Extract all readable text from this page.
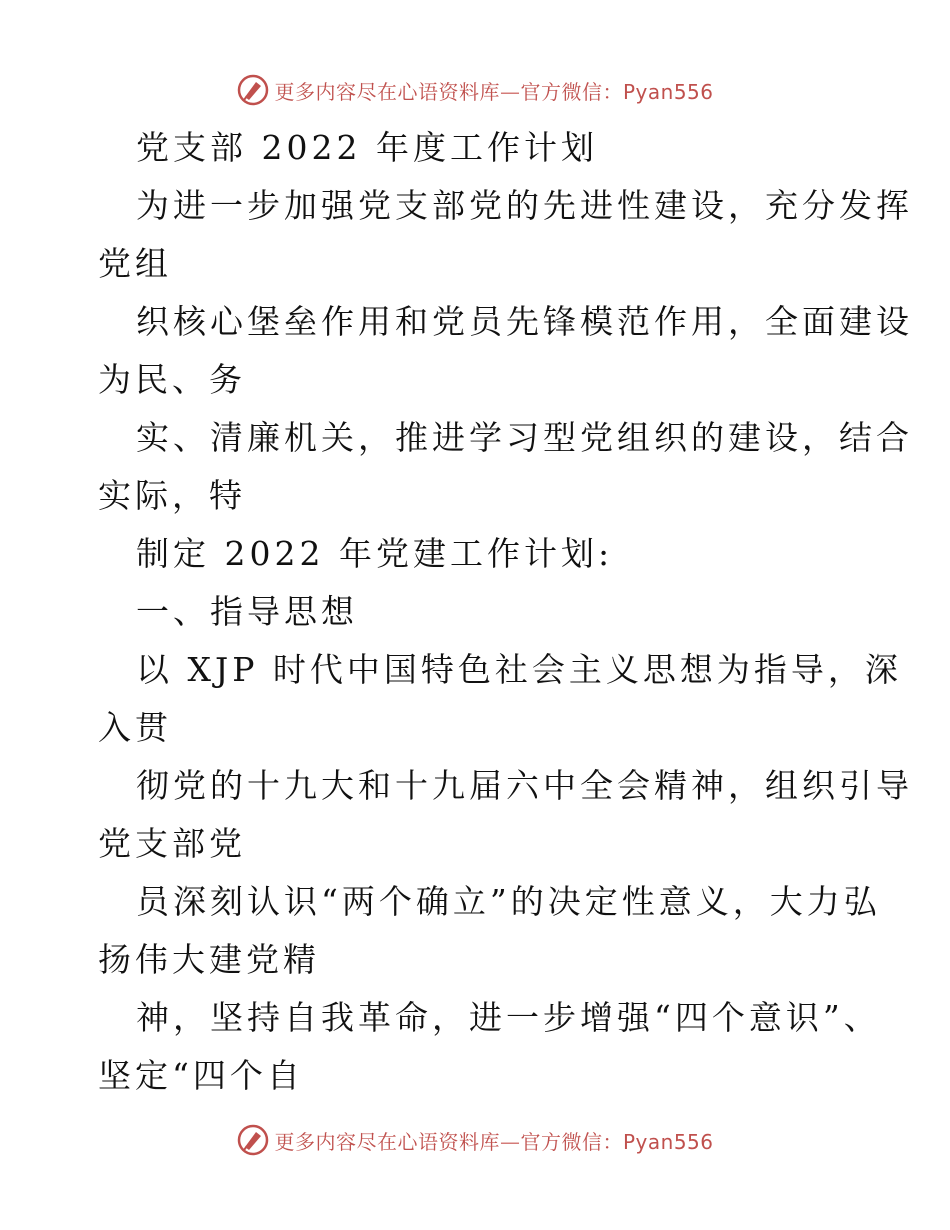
更多内容尽在心语资料库—官方微信：Pyan556
党支部 2022 年度工作计划
为进一步加强党支部党的先进性建设，充分发挥
党组
织核心堡垒作用和党员先锋模范作用，全面建设
为民、务
实、清廉机关，推进学习型党组织的建设，结合
实际，特
制定 2022 年党建工作计划:
一、指导思想
以 XJP 时代中国特色社会主义思想为指导，深
入贯
彻党的十九大和十九届六中全会精神，组织引导
党支部党
员深刻认识“两个确立”的决定性意义，大力弘
扬伟大建党精
神，坚持自我革命，进一步增强“四个意识”、
坚定“四个自
更多内容尽在心语资料库—官方微信：Pyan556
